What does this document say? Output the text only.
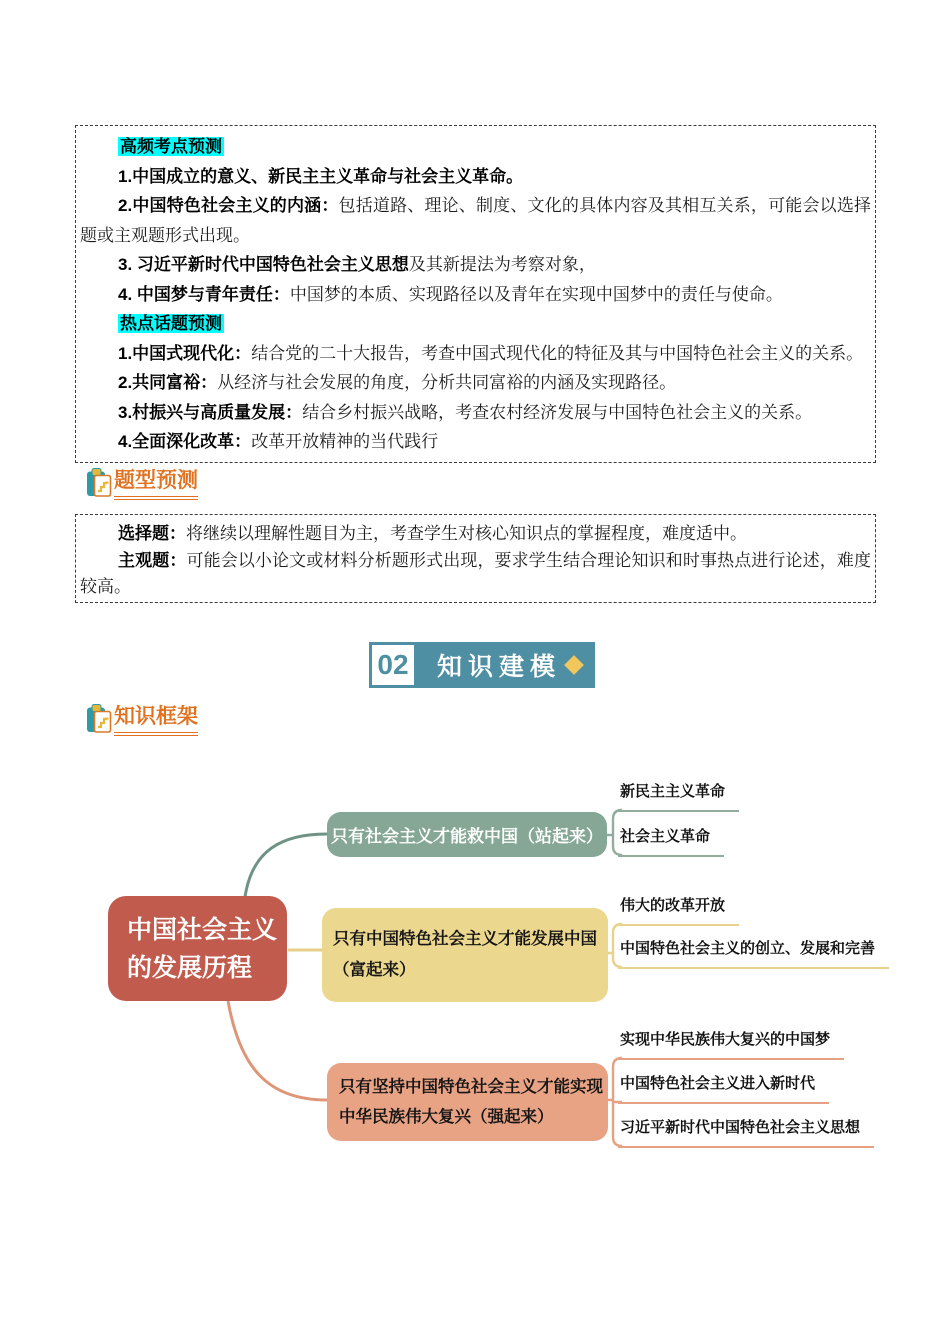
高频考点预测

1.中国成立的意义、新民主主义革命与社会主义革命。

2.中国特色社会主义的内涵：包括道路、理论、制度、文化的具体内容及其相互关系，可能会以选择题或主观题形式出现。

3. 习近平新时代中国特色社会主义思想及其新提法为考察对象，

4. 中国梦与青年责任：中国梦的本质、实现路径以及青年在实现中国梦中的责任与使命。

热点话题预测

1.中国式现代化：结合党的二十大报告，考查中国式现代化的特征及其与中国特色社会主义的关系。

2.共同富裕：从经济与社会发展的角度，分析共同富裕的内涵及实现路径。

3.村振兴与高质量发展：结合乡村振兴战略，考查农村经济发展与中国特色社会主义的关系。

4.全面深化改革：改革开放精神的当代践行

题型预测

选择题：将继续以理解性题目为主，考查学生对核心知识点的掌握程度，难度适中。

主观题：可能会以小论文或材料分析题形式出现，要求学生结合理论知识和时事热点进行论述，难度较高。

02	知识建模
知识框架
中国社会主义
的发展历程
只有社会主义才能救中国（站起来）
只有中国特色社会主义才能发展中国
（富起来）
只有坚持中国特色社会主义才能实现
中华民族伟大复兴（强起来）
新民主主义革命
社会主义革命
伟大的改革开放
中国特色社会主义的创立、发展和完善
实现中华民族伟大复兴的中国梦
中国特色社会主义进入新时代
习近平新时代中国特色社会主义思想
